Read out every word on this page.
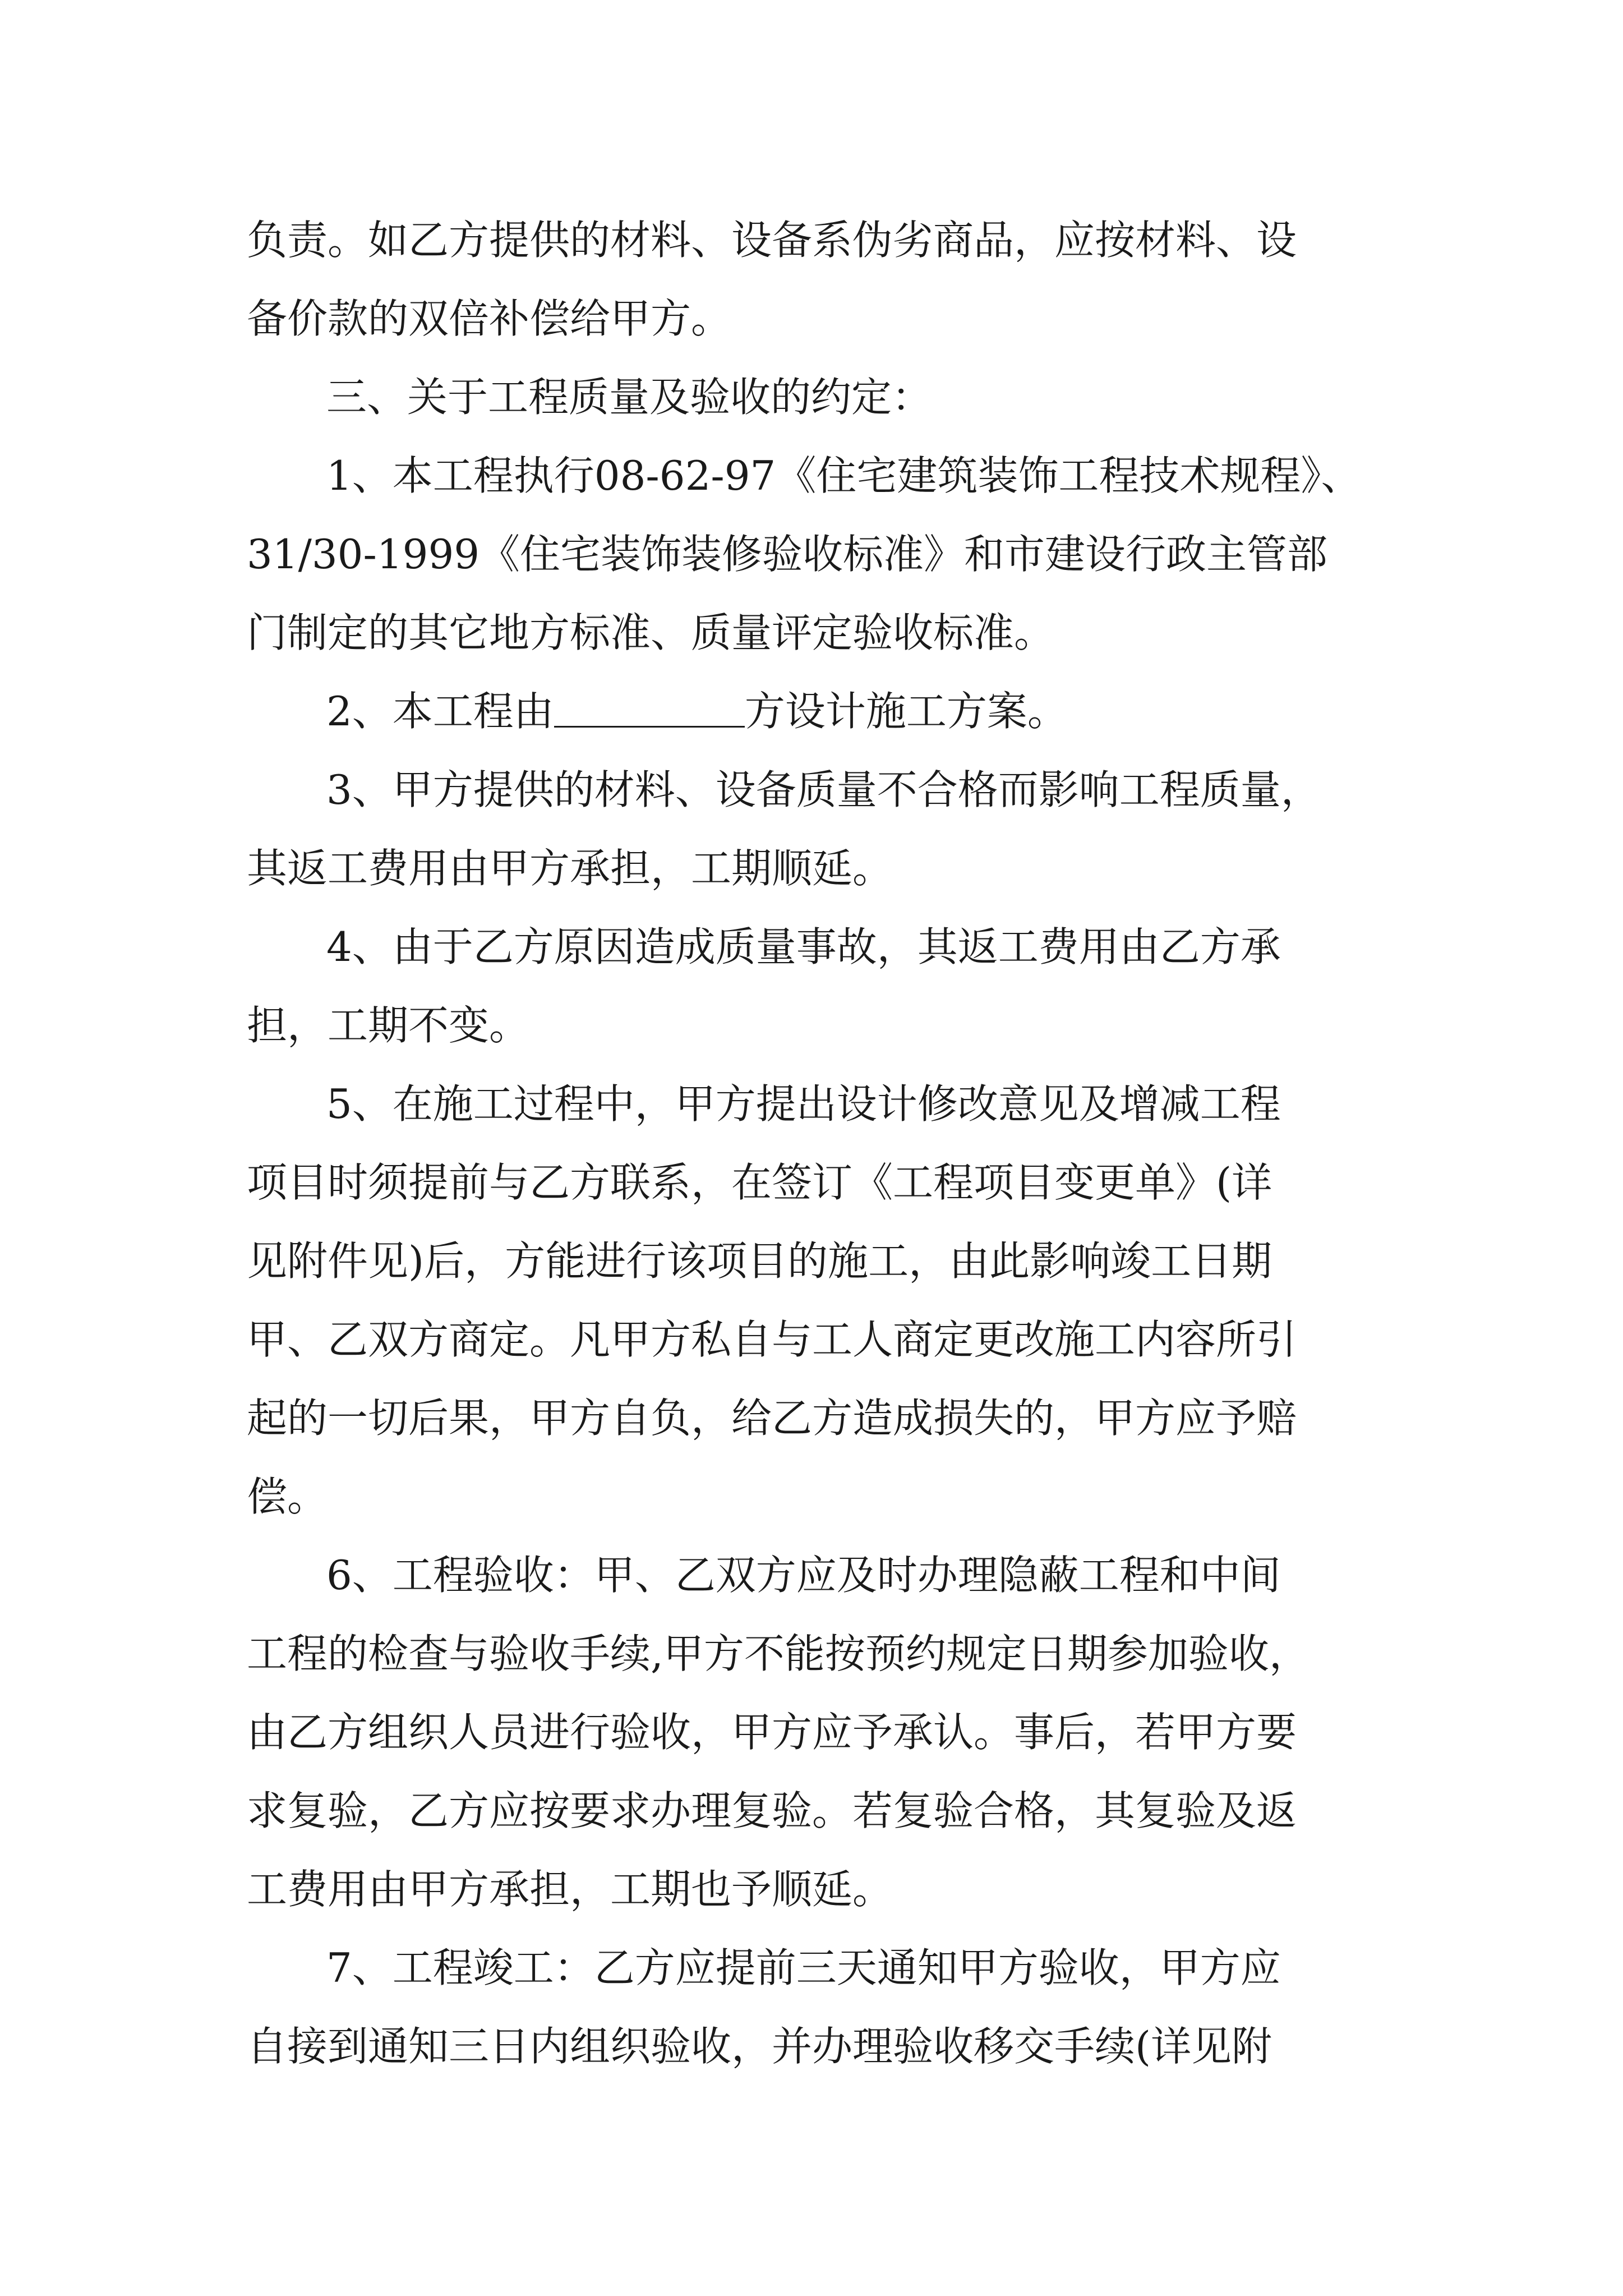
负责。如乙方提供的材料、设备系伪劣商品，应按材料、设

备价款的双倍补偿给甲方。

三、关于工程质量及验收的约定：

1、本工程执行08-62-97《住宅建筑装饰工程技术规程》、

31/30-1999《住宅装饰装修验收标准》和市建设行政主管部

门制定的其它地方标准、质量评定验收标准。

2、本工程由	方设计施工方案。

3、甲方提供的材料、设备质量不合格而影响工程质量，

其返工费用由甲方承担，工期顺延。

4、由于乙方原因造成质量事故，其返工费用由乙方承

担，工期不变。

5、在施工过程中，甲方提出设计修改意见及增减工程

项目时须提前与乙方联系，在签订《工程项目变更单》(详

见附件见)后，方能进行该项目的施工，由此影响竣工日期

甲、乙双方商定。凡甲方私自与工人商定更改施工内容所引

起的一切后果，甲方自负，给乙方造成损失的，甲方应予赔

偿。

6、工程验收：甲、乙双方应及时办理隐蔽工程和中间

工程的检查与验收手续,甲方不能按预约规定日期参加验收，

由乙方组织人员进行验收，甲方应予承认。事后，若甲方要

求复验，乙方应按要求办理复验。若复验合格，其复验及返

工费用由甲方承担，工期也予顺延。

7、工程竣工：乙方应提前三天通知甲方验收，甲方应

自接到通知三日内组织验收，并办理验收移交手续(详见附
